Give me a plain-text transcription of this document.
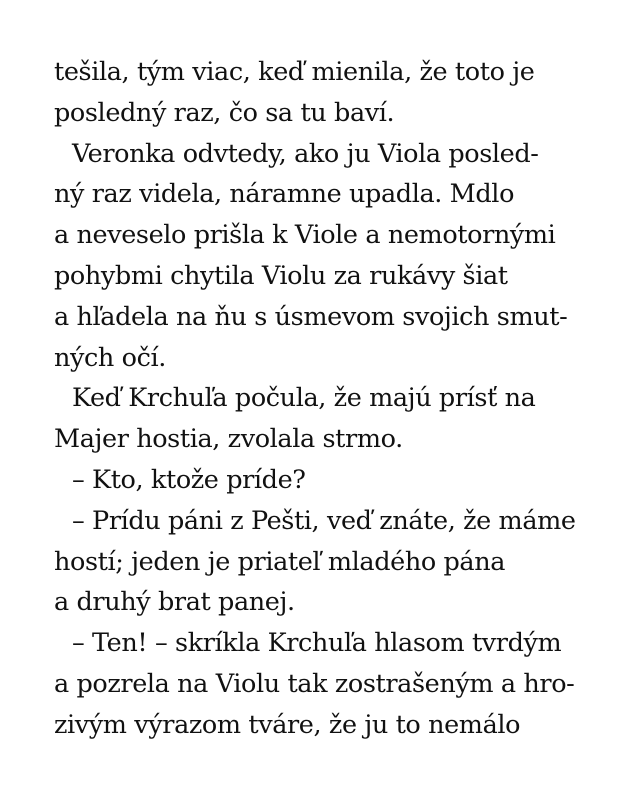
tešila, tým viac, keď mienila, že toto je
posledný raz, čo sa tu baví.
Veronka odvtedy, ako ju Viola posled-
ný raz videla, náramne upadla. Mdlo
a neveselo prišla k Viole a nemotornými
pohybmi chytila Violu za rukávy šiat
a hľadela na ňu s úsmevom svojich smut-
ných očí.
Keď Krchuľa počula, že majú prísť na
Majer hostia, zvolala strmo.
– Kto, ktože príde?
– Prídu páni z Pešti, veď znáte, že máme
hostí; jeden je priateľ mladého pána
a druhý brat panej.
– Ten! – skríkla Krchuľa hlasom tvrdým
a pozrela na Violu tak zostrašeným a hro-
zivým výrazom tváre, že ju to nemálo
